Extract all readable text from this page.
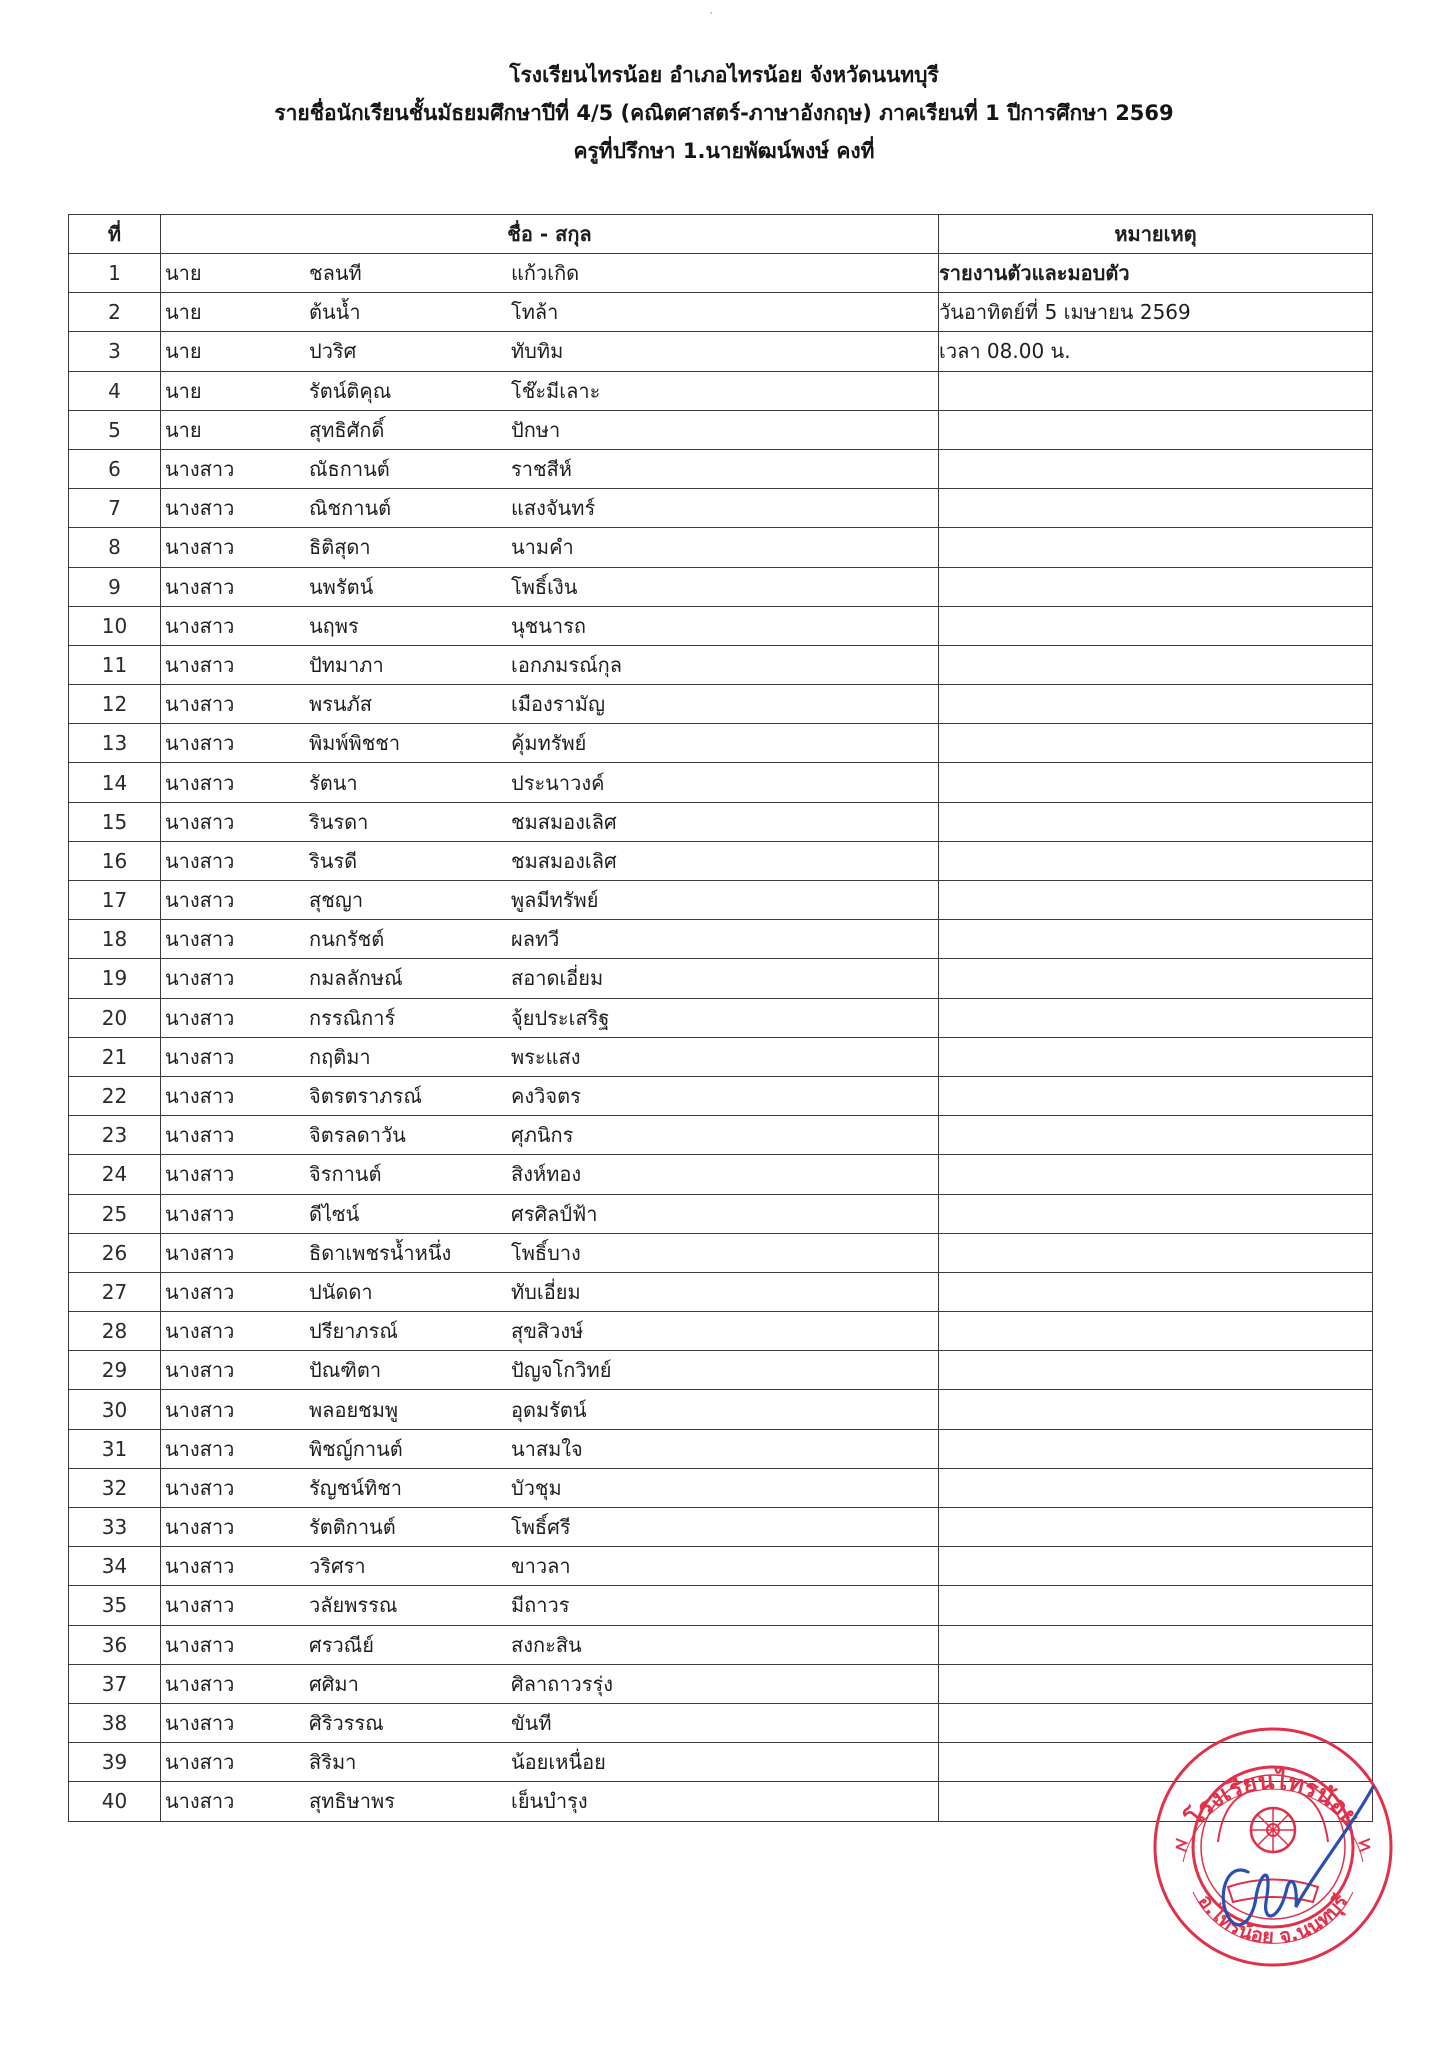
โรงเรียนไทรน้อย อำเภอไทรน้อย จังหวัดนนทบุรี
รายชื่อนักเรียนชั้นมัธยมศึกษาปีที่ 4/5 (คณิตศาสตร์-ภาษาอังกฤษ) ภาคเรียนที่ 1 ปีการศึกษา 2569
ครูที่ปรึกษา 1.นายพัฒน์พงษ์ คงที่
ที่	ชื่อ - สกุล	หมายเหตุ
1	นาย ชลนที แก้วเกิด	รายงานตัวและมอบตัว
2	นาย ต้นน้ำ โทล้า	วันอาทิตย์ที่ 5 เมษายน 2569
3	นาย ปวริศ ทับทิม	เวลา 08.00 น.
4	นาย รัตน์ติคุณ โช๊ะมีเลาะ	

5	นาย สุทธิศักดิ์ ปักษา	

6	นางสาว ณัธกานต์ ราชสีห์	

7	นางสาว ณิชกานต์ แสงจันทร์	

8	นางสาว ธิติสุดา นามคำ	

9	นางสาว นพรัตน์ โพธิ์เงิน	

10	นางสาว นฤพร นุชนารถ	

11	นางสาว ปัทมาภา เอกภมรณ์กุล	

12	นางสาว พรนภัส เมืองรามัญ	

13	นางสาว พิมพ์พิชชา คุ้มทรัพย์	

14	นางสาว รัตนา ประนาวงค์	

15	นางสาว รินรดา ชมสมองเลิศ	

16	นางสาว รินรดี ชมสมองเลิศ	

17	นางสาว สุชญา พูลมีทรัพย์	

18	นางสาว กนกรัชต์ ผลทวี	

19	นางสาว กมลลักษณ์ สอาดเอี่ยม	

20	นางสาว กรรณิการ์ จุ้ยประเสริฐ	

21	นางสาว กฤติมา พระแสง	

22	นางสาว จิตรตราภรณ์ คงวิจตร	

23	นางสาว จิตรลดาวัน ศุภนิกร	

24	นางสาว จิรกานต์ สิงห์ทอง	

25	นางสาว ดีไซน์ ศรศิลป์ฟ้า	

26	นางสาว ธิดาเพชรน้ำหนึ่ง โพธิ์บาง	

27	นางสาว ปนัดดา ทับเอี่ยม	

28	นางสาว ปรียาภรณ์ สุขสิวงษ์	

29	นางสาว ปัณฑิตา ปัญจโกวิทย์	

30	นางสาว พลอยชมพู อุดมรัตน์	

31	นางสาว พิชญ์กานต์ นาสมใจ	

32	นางสาว รัญชน์ทิชา บัวชุม	

33	นางสาว รัตติกานต์ โพธิ์ศรี	

34	นางสาว วริศรา ขาวลา	

35	นางสาว วลัยพรรณ มีถาวร	

36	นางสาว ศรวณีย์ สงกะสิน	

37	นางสาว ศศิมา ศิลาถาวรรุ่ง	

38	นางสาว ศิริวรรณ ขันที	

39	นางสาว สิริมา น้อยเหนื่อย	

40	นางสาว สุทธิษาพร เย็นบำรุง	

โรงเรียนไทรน้อย
อ.ไทรน้อย จ.นนทบุรี
